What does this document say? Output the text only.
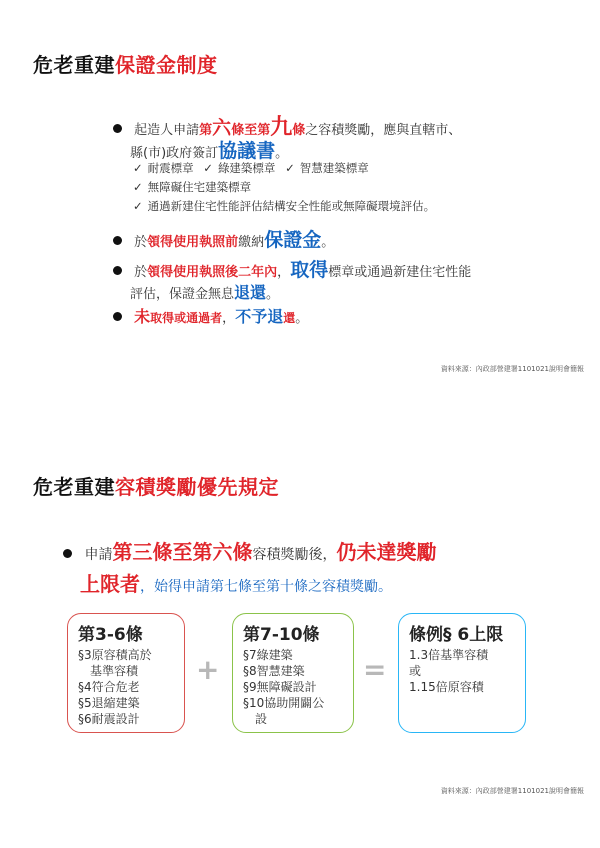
危老重建保證金制度
起造人申請第六條至第九條之容積獎勵，應與直轄市、
縣(市)政府簽訂協議書。
✓ 耐震標章 ✓ 綠建築標章 ✓ 智慧建築標章
✓ 無障礙住宅建築標章
✓ 通過新建住宅性能評估結構安全性能或無障礙環境評估。
於領得使用執照前繳納保證金。
於領得使用執照後二年內，取得標章或通過新建住宅性能
評估，保證金無息退還。
未取得或通過者，不予退還。
資料來源：內政部營建署1101021說明會簡報
危老重建容積獎勵優先規定
申請第三條至第六條容積獎勵後，仍未達獎勵
上限者，始得申請第七條至第十條之容積獎勵。
第3-6條
§3原容積高於
　基準容積
§4符合危老
§5退縮建築
§6耐震設計
+
第7-10條
§7綠建築
§8智慧建築
§9無障礙設計
§10協助開闢公
　設
=
條例§ 6上限
1.3倍基準容積
或
1.15倍原容積
資料來源：內政部營建署1101021說明會簡報
